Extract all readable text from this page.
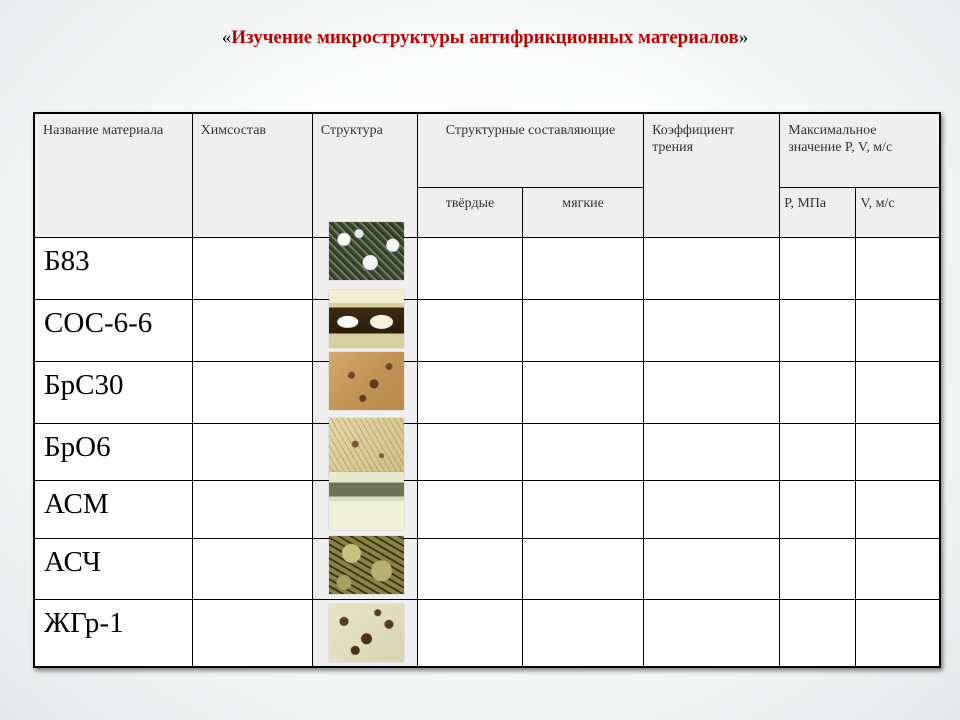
«Изучение микроструктуры антифрикционных материалов»
Название материала	Химсостав	Структура	Структурные составляющие		Коэффициент трения	Максимальное значение P, V, м/с	
			твёрдые	мягкие		Р, МПа	V, м/с
Б83							
СОС-6-6							
БрС30							
БрО6							
АСМ							
АСЧ							
ЖГр-1							
